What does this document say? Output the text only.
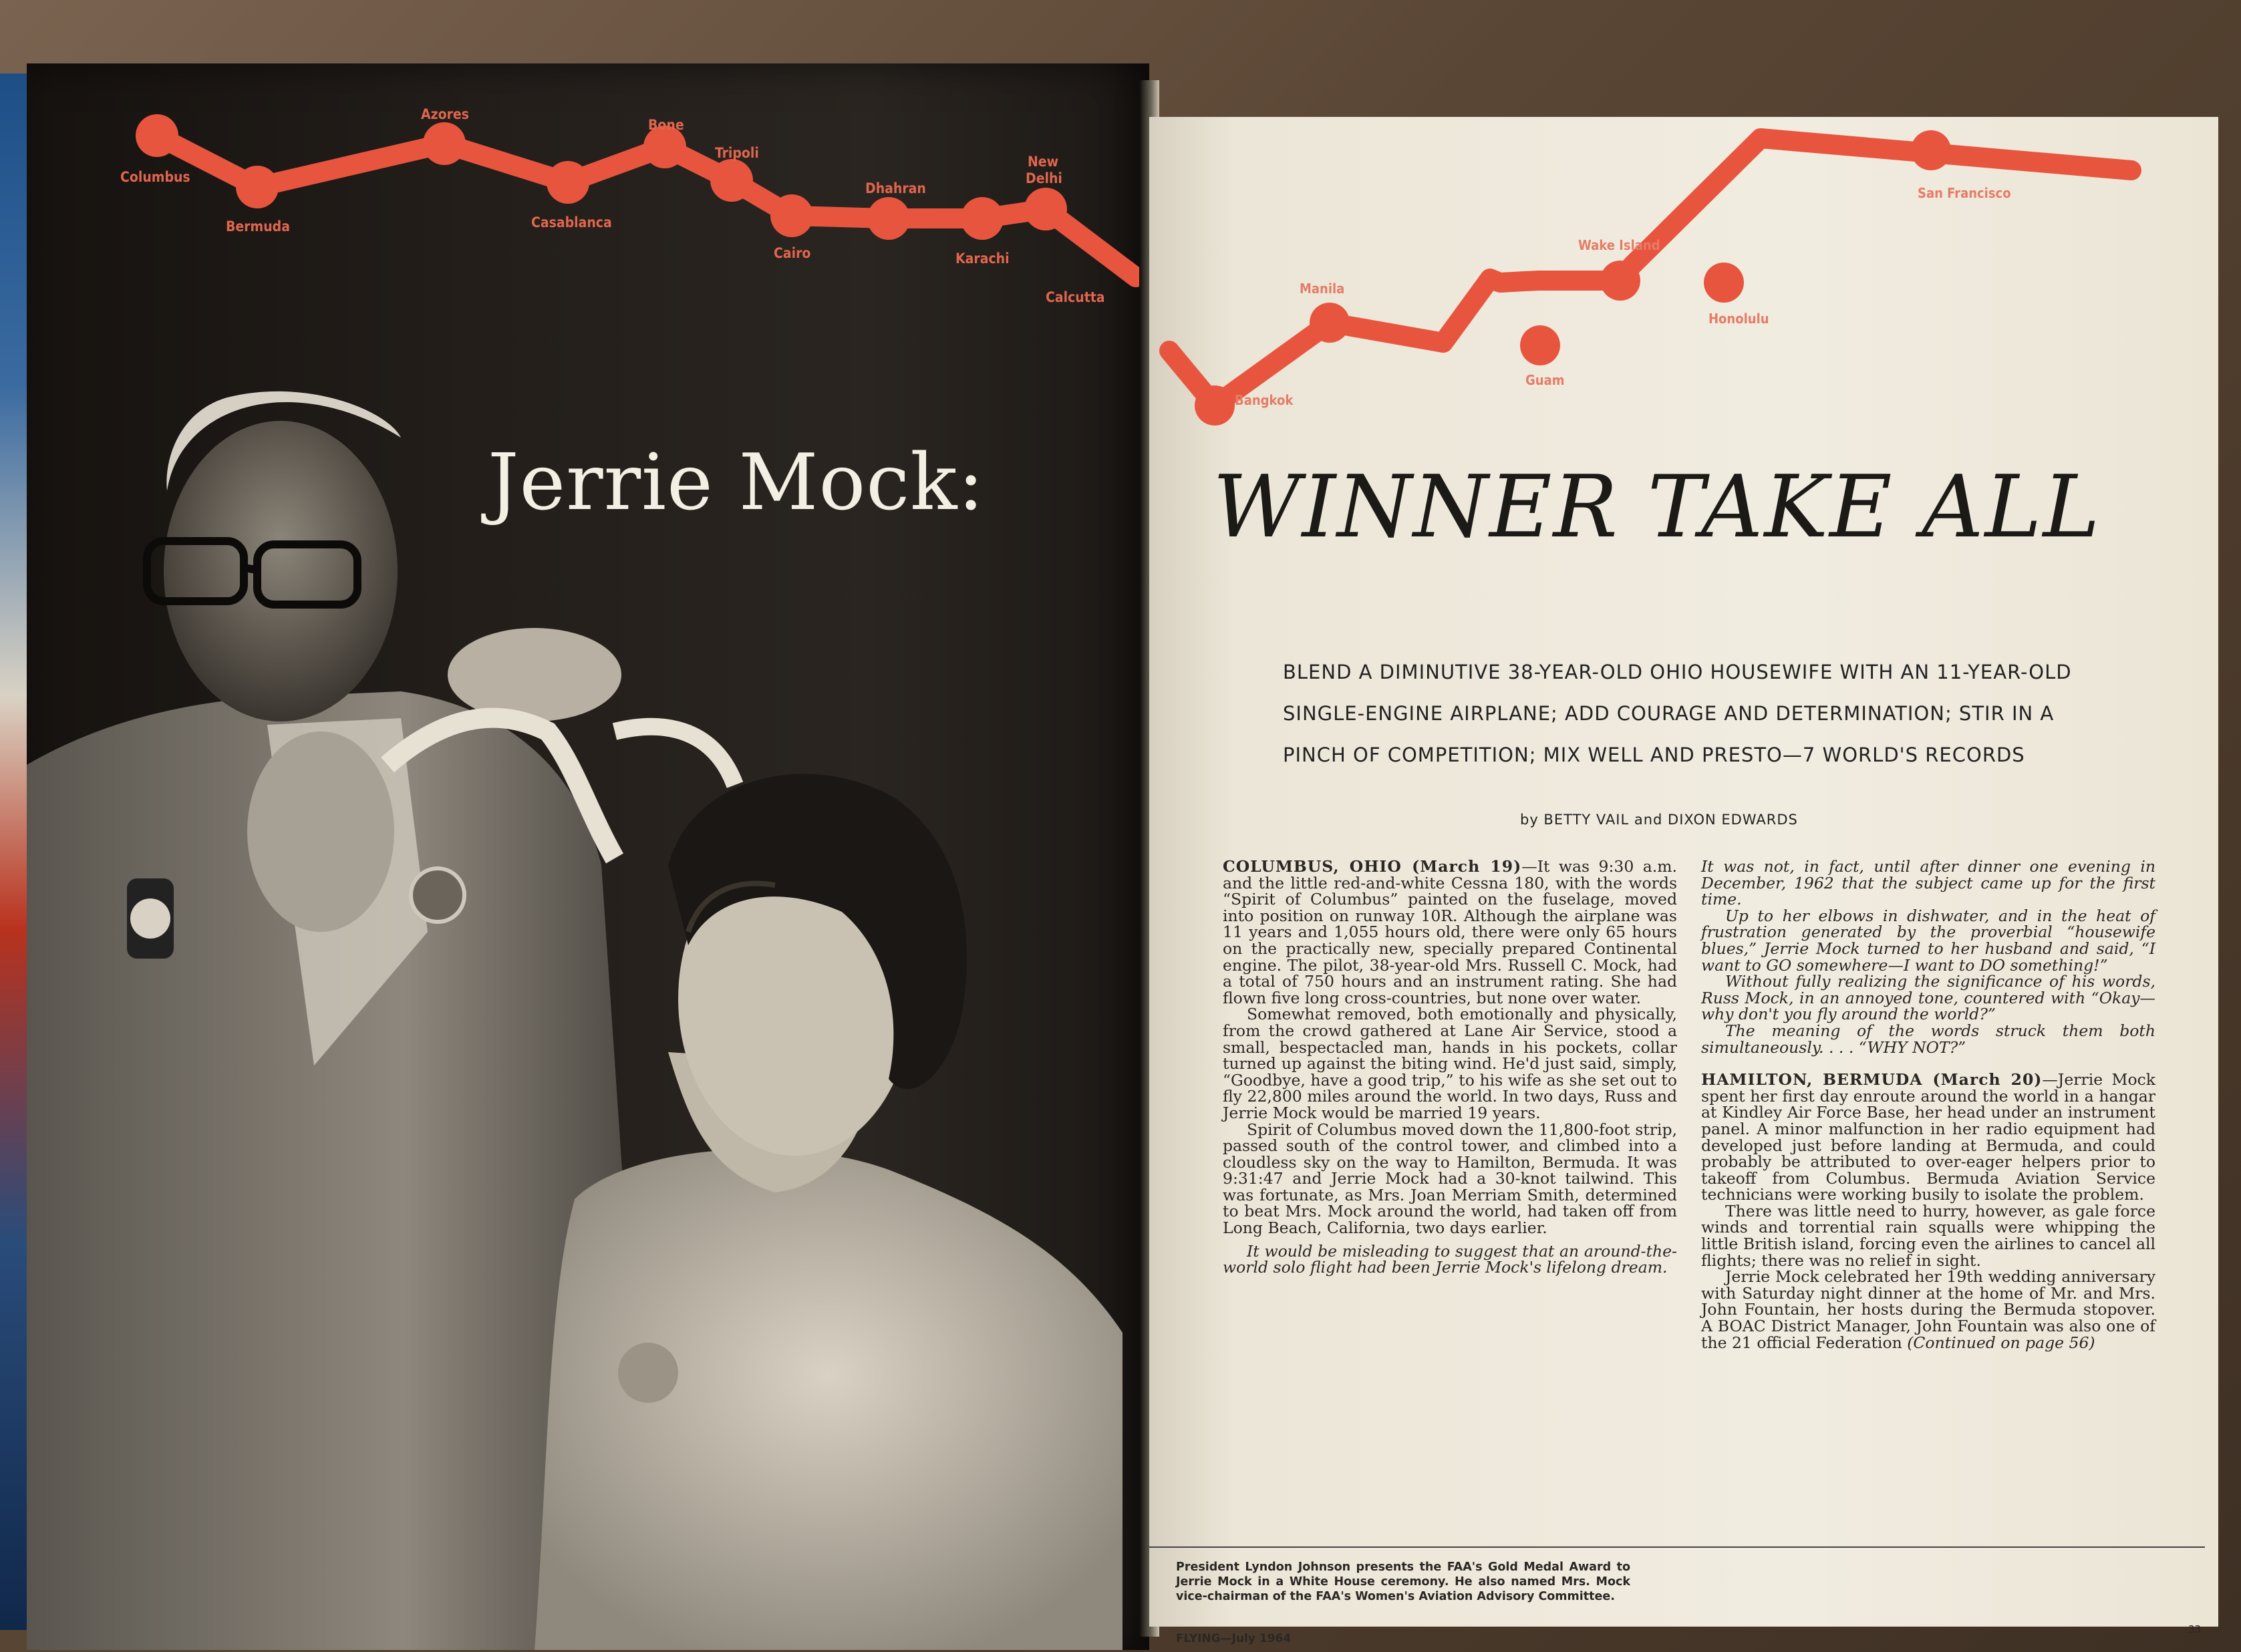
Columbus
Bermuda
Azores
Casablanca
Bone
Tripoli
Cairo
Dhahran
Karachi
New
Delhi
Calcutta
Jerrie Mock:
Bangkok
Manila
Guam
Wake Island
Honolulu
San Francisco
WINNER TAKE ALL
BLEND A DIMINUTIVE 38-YEAR-OLD OHIO HOUSEWIFE WITH AN 11-YEAR-OLD
SINGLE-ENGINE AIRPLANE; ADD COURAGE AND DETERMINATION; STIR IN A
PINCH OF COMPETITION; MIX WELL AND PRESTO—7 WORLD'S RECORDS
by BETTY VAIL and DIXON EDWARDS

COLUMBUS, OHIO (March 19)—It was 9:30 a.m. and the little red-and-white Cessna 180, with the words “Spirit of Columbus” painted on the fuselage, moved into position on runway 10R. Although the airplane was 11 years and 1,055 hours old, there were only 65 hours on the practically new, specially prepared Continental engine. The pilot, 38-year-old Mrs. Russell C. Mock, had a total of 750 hours and an instrument rating. She had flown five long cross-countries, but none over water.

Somewhat removed, both emotionally and physically, from the crowd gathered at Lane Air Service, stood a small, bespectacled man, hands in his pockets, collar turned up against the biting wind. He'd just said, simply, “Goodbye, have a good trip,” to his wife as she set out to fly 22,800 miles around the world. In two days, Russ and Jerrie Mock would be married 19 years.

Spirit of Columbus moved down the 11,800-foot strip, passed south of the control tower, and climbed into a cloudless sky on the way to Hamilton, Bermuda. It was 9:31:47 and Jerrie Mock had a 30-knot tailwind. This was fortunate, as Mrs. Joan Merriam Smith, determined to beat Mrs. Mock around the world, had taken off from Long Beach, California, two days earlier.

It would be misleading to suggest that an around-the-world solo flight had been Jerrie Mock's lifelong dream.

It was not, in fact, until after dinner one evening in December, 1962 that the subject came up for the first time.

Up to her elbows in dishwater, and in the heat of frustration generated by the proverbial “housewife blues,” Jerrie Mock turned to her husband and said, “I want to GO somewhere—I want to DO something!”

Without fully realizing the significance of his words, Russ Mock, in an annoyed tone, countered with “Okay—why don't you fly around the world?”

The meaning of the words struck them both simultaneously. . . . “WHY NOT?”

HAMILTON, BERMUDA (March 20)—Jerrie Mock spent her first day enroute around the world in a hangar at Kindley Air Force Base, her head under an instrument panel. A minor malfunction in her radio equipment had developed just before landing at Bermuda, and could probably be attributed to over-eager helpers prior to takeoff from Columbus. Bermuda Aviation Service technicians were working busily to isolate the problem.

There was little need to hurry, however, as gale force winds and torrential rain squalls were whipping the little British island, forcing even the airlines to cancel all flights; there was no relief in sight.

Jerrie Mock celebrated her 19th wedding anniversary with Saturday night dinner at the home of Mr. and Mrs. John Fountain, her hosts during the Bermuda stopover. A BOAC District Manager, John Fountain was also one of the 21 official Federation (Continued on page 56)

President Lyndon Johnson presents the FAA's Gold Medal Award to Jerrie Mock in a White House ceremony. He also named Mrs. Mock vice-chairman of the FAA's Women's Aviation Advisory Committee.
FLYING—July 1964
33
